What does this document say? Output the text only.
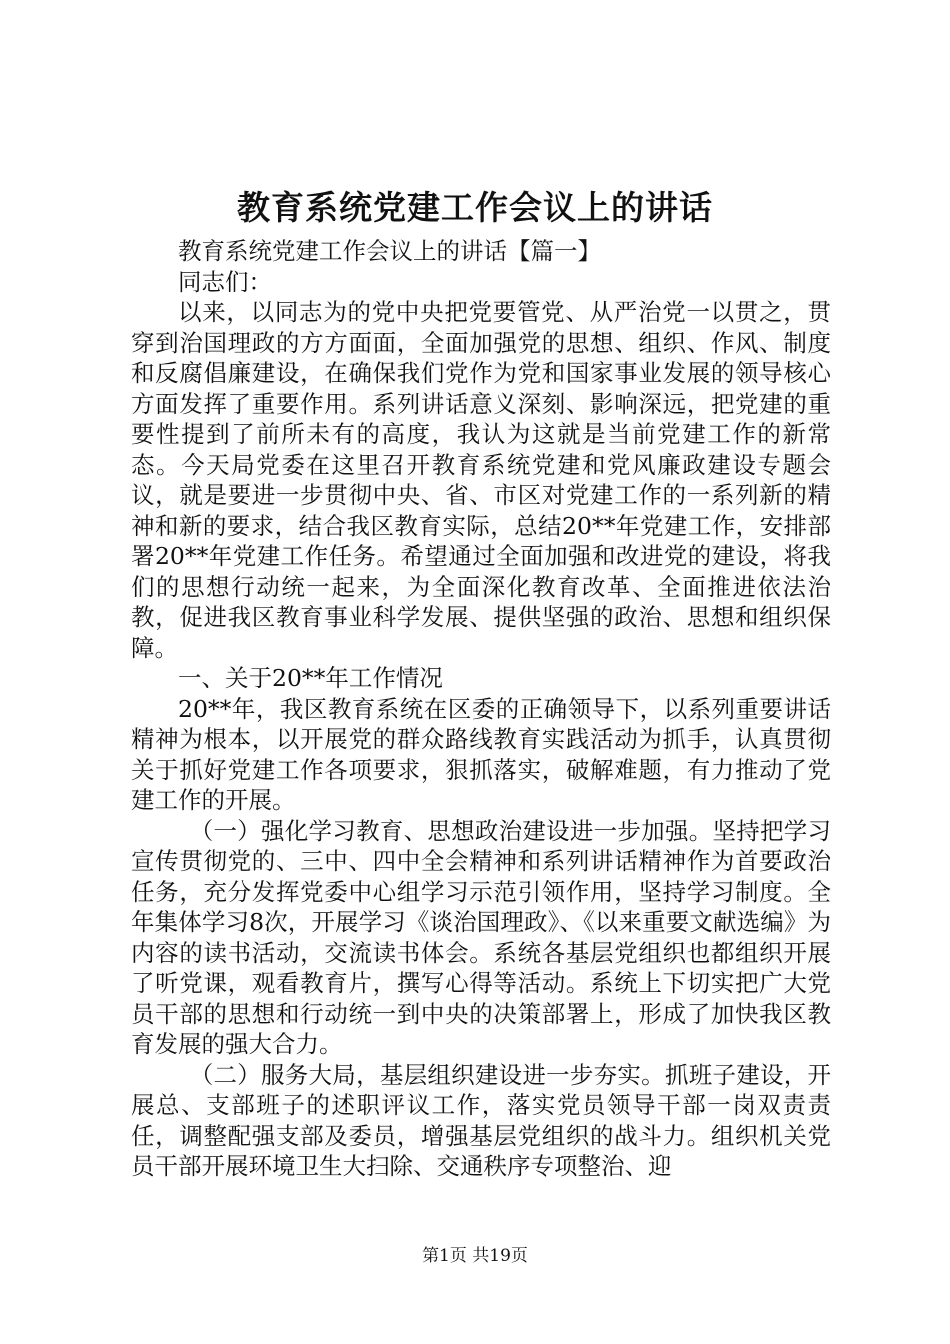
教育系统党建工作会议上的讲话

教育系统党建工作会议上的讲话【篇一】

同志们：

以来，以同志为的党中央把党要管党、从严治党一以贯之，贯穿到治国理政的方方面面，全面加强党的思想、组织、作风、制度和反腐倡廉建设，在确保我们党作为党和国家事业发展的领导核心方面发挥了重要作用。系列讲话意义深刻、影响深远，把党建的重要性提到了前所未有的高度，我认为这就是当前党建工作的新常态。今天局党委在这里召开教育系统党建和党风廉政建设专题会议，就是要进一步贯彻中央、省、市区对党建工作的一系列新的精神和新的要求，结合我区教育实际，总结20**年党建工作，安排部署20**年党建工作任务。希望通过全面加强和改进党的建设，将我们的思想行动统一起来，为全面深化教育改革、全面推进依法治教，促进我区教育事业科学发展、提供坚强的政治、思想和组织保障。

一、关于20**年工作情况

20**年，我区教育系统在区委的正确领导下，以系列重要讲话精神为根本，以开展党的群众路线教育实践活动为抓手，认真贯彻关于抓好党建工作各项要求，狠抓落实，破解难题，有力推动了党建工作的开展。

（一）强化学习教育、思想政治建设进一步加强。坚持把学习宣传贯彻党的、三中、四中全会精神和系列讲话精神作为首要政治任务，充分发挥党委中心组学习示范引领作用，坚持学习制度。全年集体学习8次，开展学习《谈治国理政》、《以来重要文献选编》为内容的读书活动，交流读书体会。系统各基层党组织也都组织开展了听党课，观看教育片，撰写心得等活动。系统上下切实把广大党员干部的思想和行动统一到中央的决策部署上，形成了加快我区教育发展的强大合力。

（二）服务大局，基层组织建设进一步夯实。抓班子建设，开展总、支部班子的述职评议工作，落实党员领导干部一岗双责责任，调整配强支部及委员，增强基层党组织的战斗力。组织机关党员干部开展环境卫生大扫除、交通秩序专项整治、迎

第1页 共19页
